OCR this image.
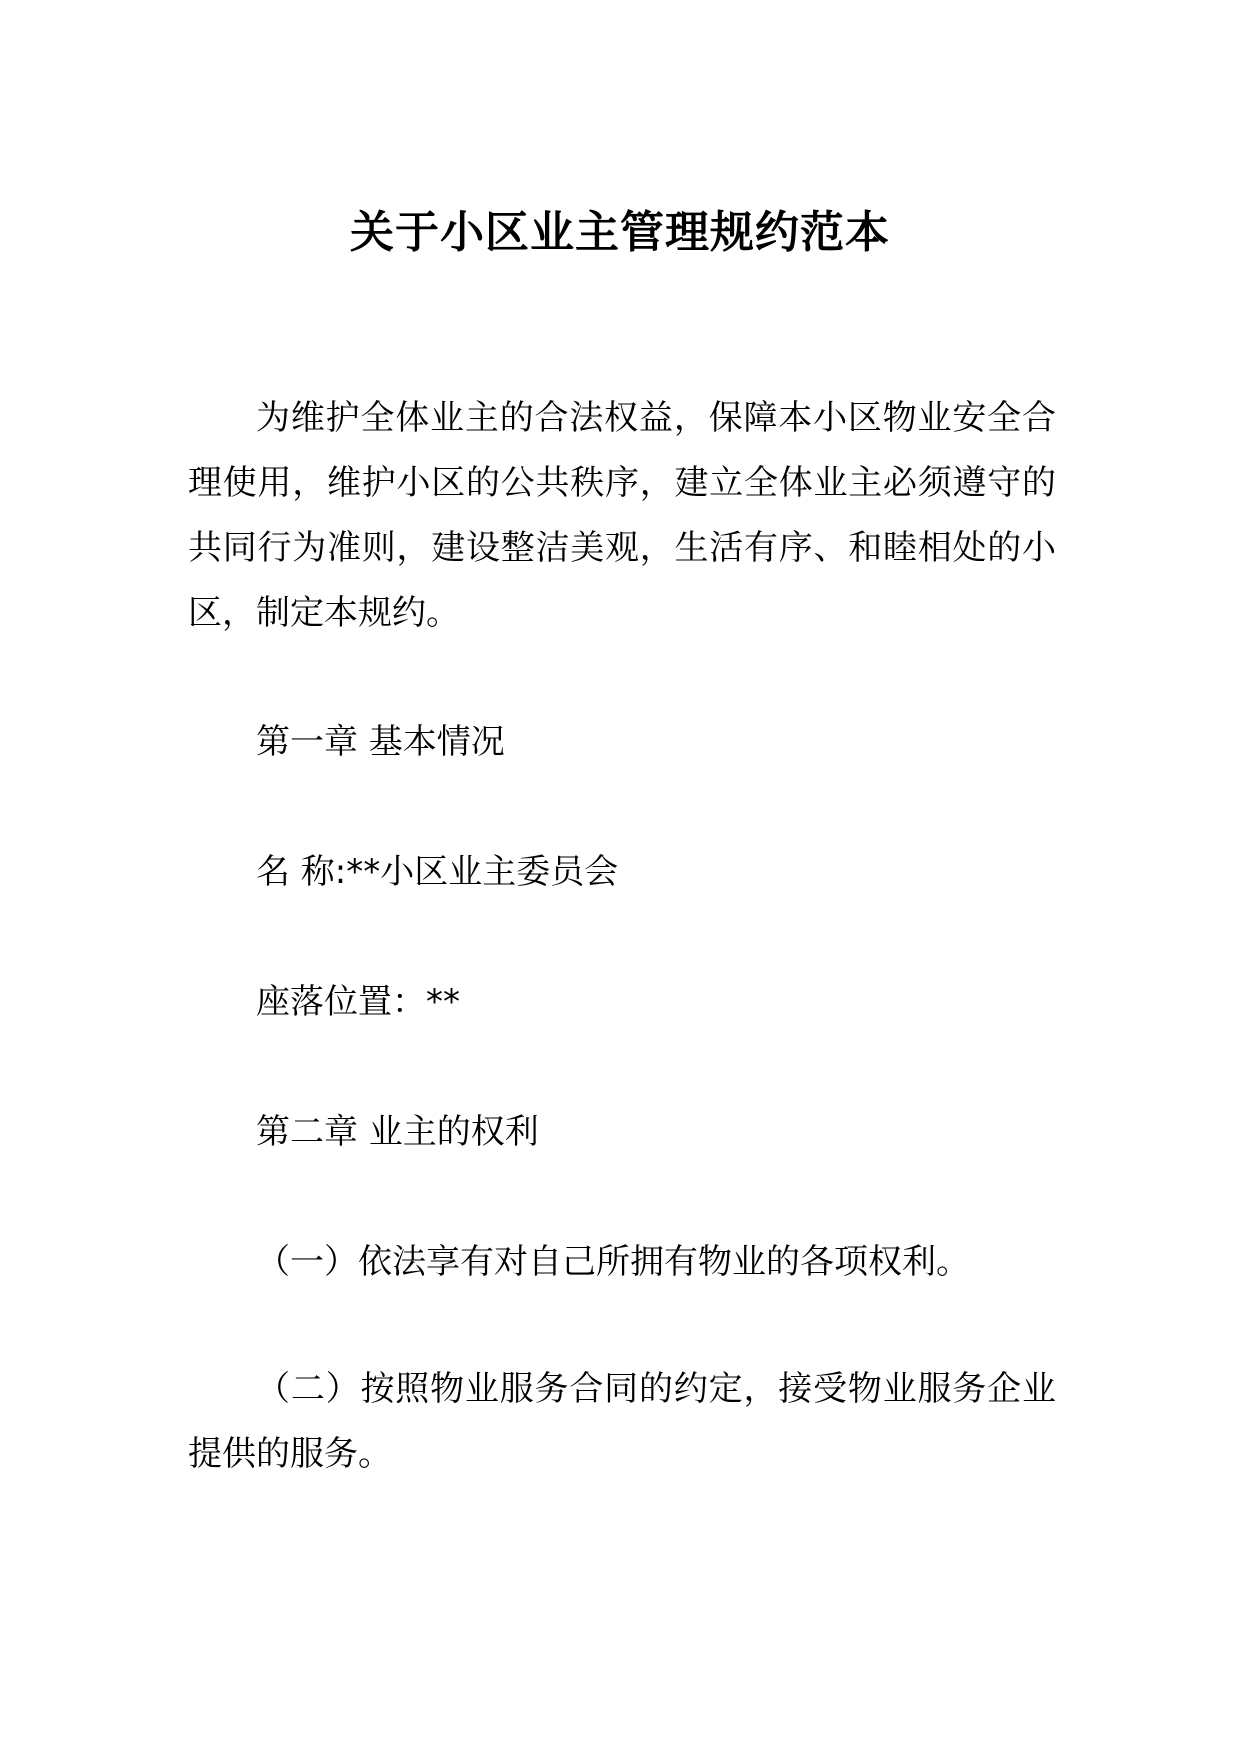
关于小区业主管理规约范本

为维护全体业主的合法权益，保障本小区物业安全合理使用，维护小区的公共秩序，建立全体业主必须遵守的共同行为准则，建设整洁美观，生活有序、和睦相处的小区，制定本规约。

第一章 基本情况

名 称:**小区业主委员会

座落位置：**

第二章 业主的权利

（一）依法享有对自己所拥有物业的各项权利。

（二）按照物业服务合同的约定，接受物业服务企业提供的服务。
